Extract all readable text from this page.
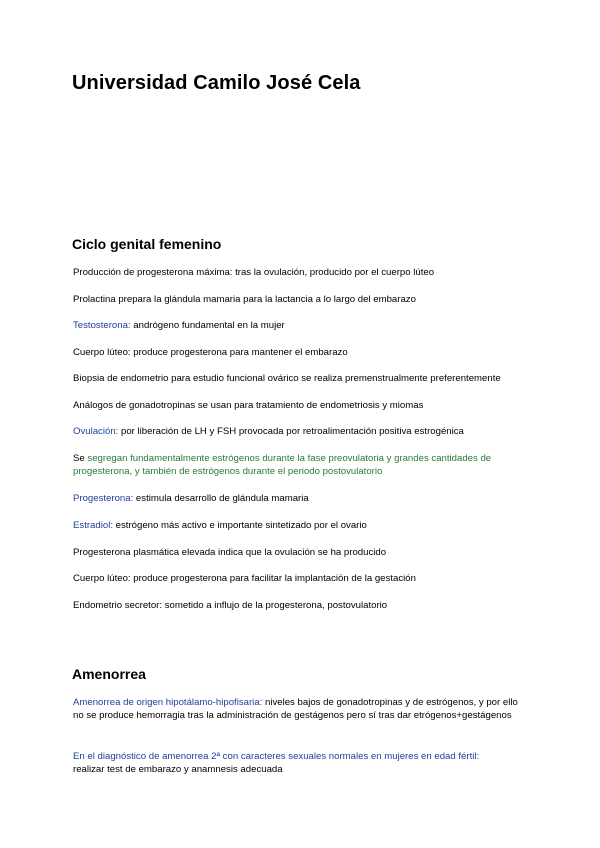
Universidad Camilo José Cela
Ciclo genital femenino

Producción de progesterona máxima: tras la ovulación, producido por el cuerpo lúteo

Prolactina prepara la glándula mamaria para la lactancia a lo largo del embarazo

Testosterona: andrógeno fundamental en la mujer

Cuerpo lúteo: produce progesterona para mantener el embarazo

Biopsia de endometrio para estudio funcional ovárico se realiza premenstrualmente preferentemente

Análogos de gonadotropinas se usan para tratamiento de endometriosis y miomas

Ovulación: por liberación de LH y FSH provocada por retroalimentación positiva estrogénica

Se segregan fundamentalmente estrógenos durante la fase preovulatoria y grandes cantidades de progesterona, y también de estrógenos durante el periodo postovulatorio

Progesterona: estimula desarrollo de glándula mamaria

Estradiol: estrógeno más activo e importante sintetizado por el ovario

Progesterona plasmática elevada indica que la ovulación se ha producido

Cuerpo lúteo: produce progesterona para facilitar la implantación de la gestación

Endometrio secretor: sometido a influjo de la progesterona, postovulatorio

Amenorrea

Amenorrea de origen hipotálamo-hipofisaria: niveles bajos de gonadotropinas y de estrógenos, y por ello no se produce hemorragia tras la administración de gestágenos pero sí tras dar etrógenos+gestágenos

En el diagnóstico de amenorrea 2ª con caracteres sexuales normales en mujeres en edad fértil: realizar test de embarazo y anamnesis adecuada
